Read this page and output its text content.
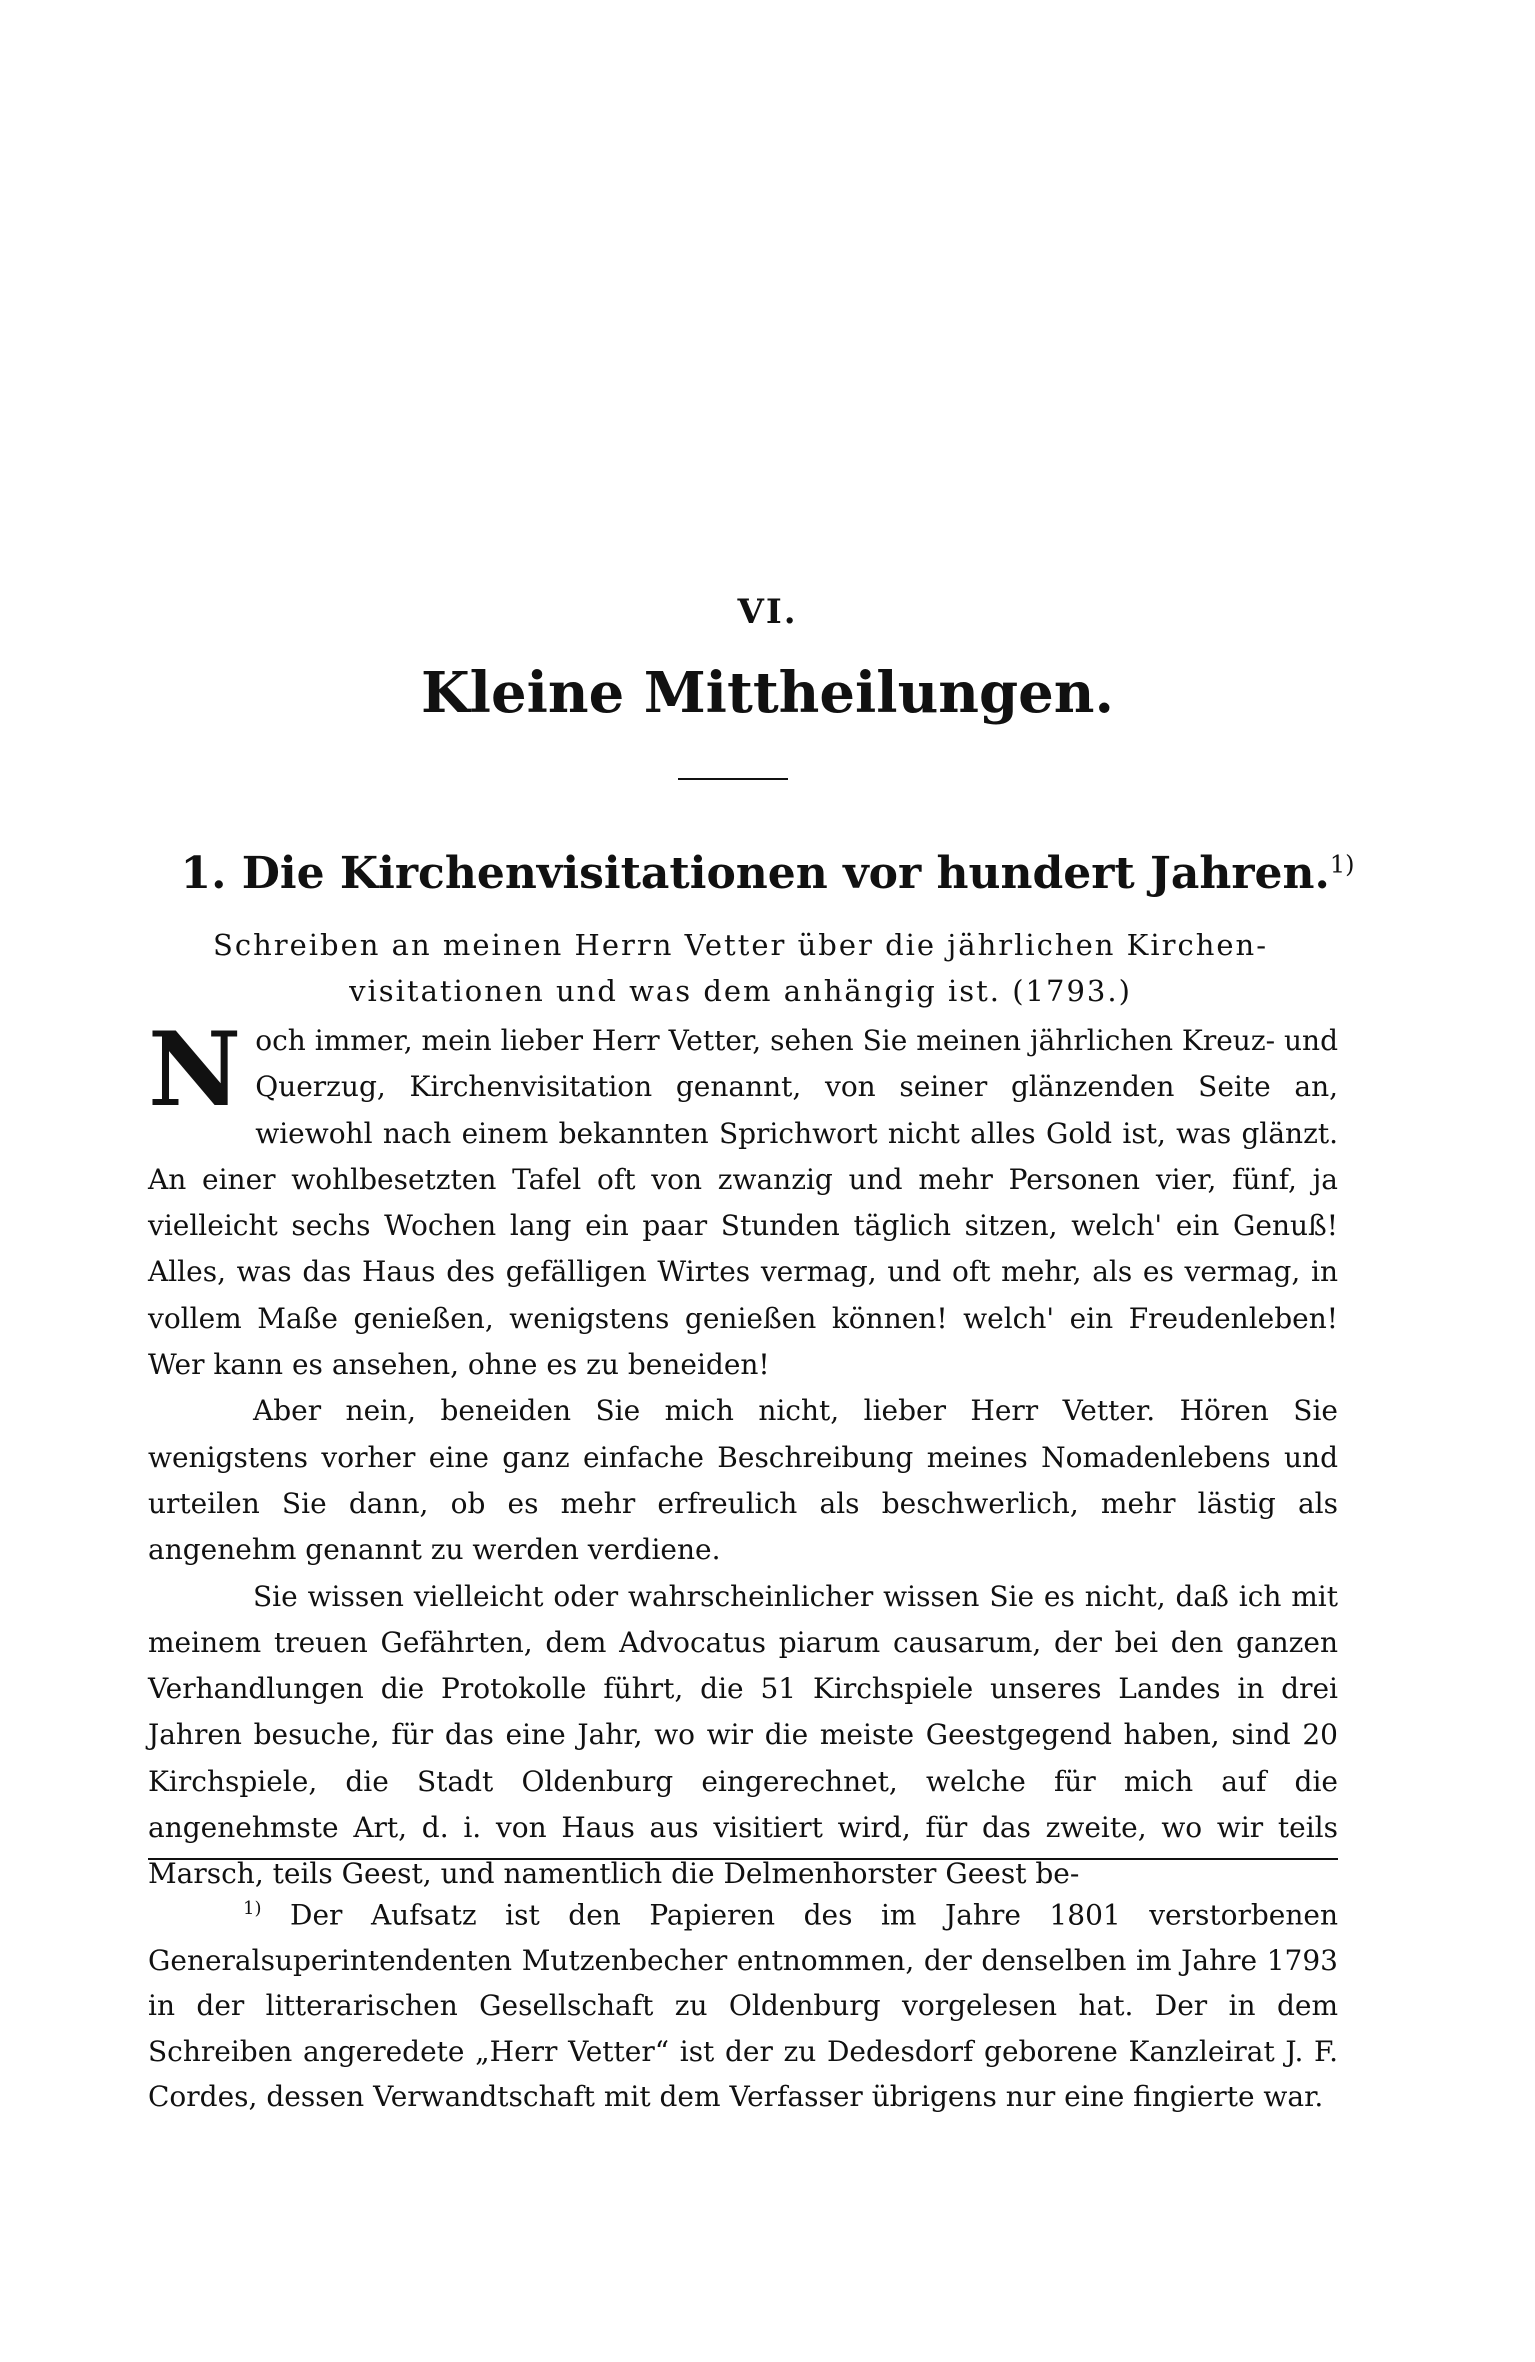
VI.
Kleine Mittheilungen.
1. Die Kirchenvisitationen vor hundert Jahren.$^{1)}$
Schreiben an meinen Herrn Vetter über die jährlichen Kirchen-visitationen und was dem anhängig ist. (1793.)

Noch immer, mein lieber Herr Vetter, sehen Sie meinen jährlichen Kreuz- und Querzug, Kirchenvisitation genannt, von seiner glänzenden Seite an, wiewohl nach einem bekannten Sprichwort nicht alles Gold ist, was glänzt. An einer wohlbesetzten Tafel oft von zwanzig und mehr Personen vier, fünf, ja vielleicht sechs Wochen lang ein paar Stunden täglich sitzen, welch' ein Genuß! Alles, was das Haus des gefälligen Wirtes vermag, und oft mehr, als es vermag, in vollem Maße genießen, wenigstens genießen können! welch' ein Freudenleben! Wer kann es ansehen, ohne es zu beneiden!

Aber nein, beneiden Sie mich nicht, lieber Herr Vetter. Hören Sie wenigstens vorher eine ganz einfache Beschreibung meines Nomadenlebens und urteilen Sie dann, ob es mehr erfreulich als beschwerlich, mehr lästig als angenehm genannt zu werden verdiene.

Sie wissen vielleicht oder wahrscheinlicher wissen Sie es nicht, daß ich mit meinem treuen Gefährten, dem Advocatus piarum causarum, der bei den ganzen Verhandlungen die Protokolle führt, die 51 Kirchspiele unseres Landes in drei Jahren besuche, für das eine Jahr, wo wir die meiste Geestgegend haben, sind 20 Kirchspiele, die Stadt Oldenburg eingerechnet, welche für mich auf die angenehmste Art, d. i. von Haus aus visitiert wird, für das zweite, wo wir teils Marsch, teils Geest, und namentlich die Delmenhorster Geest be-

$^{1)}$ Der Aufsatz ist den Papieren des im Jahre 1801 verstorbenen Generalsuperintendenten Mutzenbecher entnommen, der denselben im Jahre 1793 in der litterarischen Gesellschaft zu Oldenburg vorgelesen hat. Der in dem Schreiben angeredete „Herr Vetter“ ist der zu Dedesdorf geborene Kanzleirat J. F. Cordes, dessen Verwandtschaft mit dem Verfasser übrigens nur eine fingierte war.
